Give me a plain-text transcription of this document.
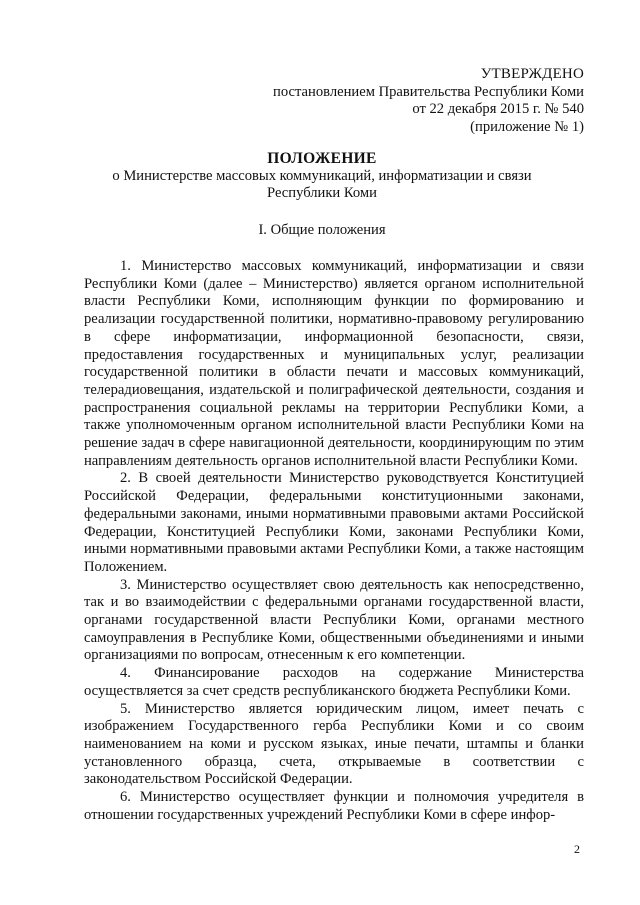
УТВЕРЖДЕНО
постановлением Правительства Республики Коми
от 22 декабря 2015 г. № 540
(приложение № 1)
ПОЛОЖЕНИЕ
о Министерстве массовых коммуникаций, информатизации и связи
Республики Коми
I. Общие положения

1. Министерство массовых коммуникаций, информатизации и связи Республики Коми (далее – Министерство) является органом исполнительной власти Республики Коми, исполняющим функции по формированию и реализации государственной политики, нормативно-правовому регулированию в сфере информатизации, информационной безопасности, связи, предоставления государственных и муниципальных услуг, реализации государственной политики в области печати и массовых коммуникаций, телерадиовещания, издательской и полиграфической деятельности, создания и распространения социальной рекламы на территории Республики Коми, а также уполномоченным органом исполнительной власти Республики Коми на решение задач в сфере навигационной деятельности, координирующим по этим направлениям деятельность органов исполнительной власти Республики Коми.

2. В своей деятельности Министерство руководствуется Конституцией Российской Федерации, федеральными конституционными законами, федеральными законами, иными нормативными правовыми актами Российской Федерации, Конституцией Республики Коми, законами Республики Коми, иными нормативными правовыми актами Республики Коми, а также настоящим Положением.

3. Министерство осуществляет свою деятельность как непосредственно, так и во взаимодействии с федеральными органами государственной власти, органами государственной власти Республики Коми, органами местного самоуправления в Республике Коми, общественными объединениями и иными организациями по вопросам, отнесенным к его компетенции.

4. Финансирование расходов на содержание Министерства осуществляется за счет средств республиканского бюджета Республики Коми.

5. Министерство является юридическим лицом, имеет печать с изображением Государственного герба Республики Коми и со своим наименованием на коми и русском языках, иные печати, штампы и бланки установленного образца, счета, открываемые в соответствии с законодательством Российской Федерации.

6. Министерство осуществляет функции и полномочия учредителя в отношении государственных учреждений Республики Коми в сфере инфор-

2
